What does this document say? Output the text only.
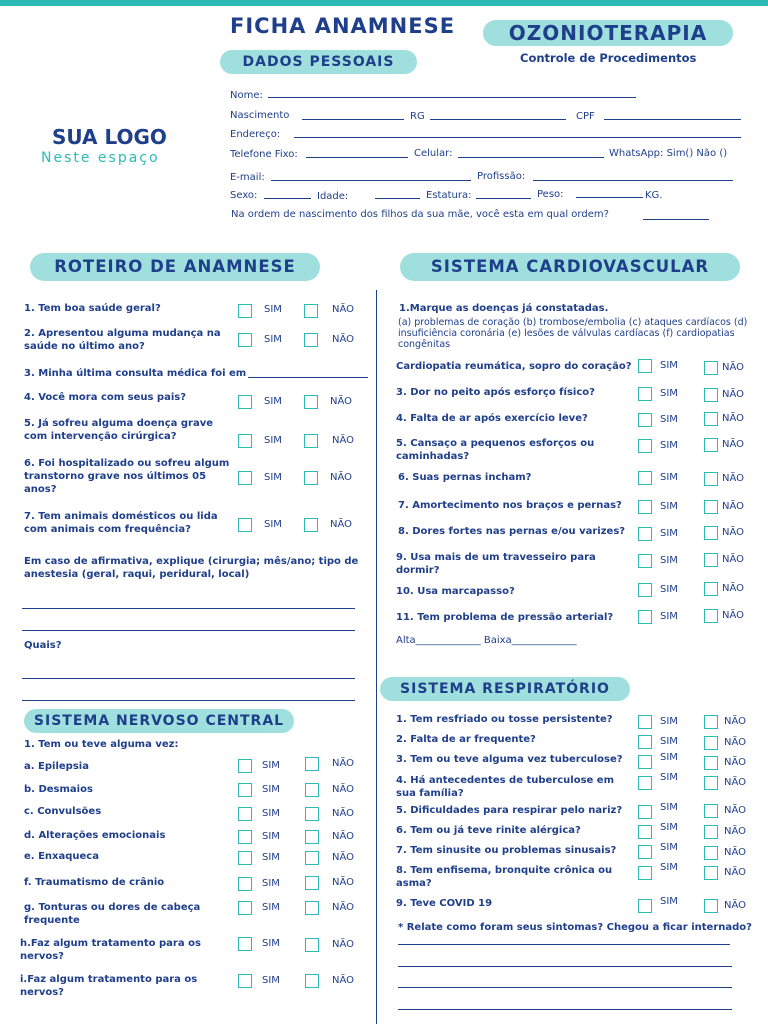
FICHA ANAMNESE	OZONIOTERAPIA
Controle de Procedimentos
DADOS PESSOAIS
SUA LOGO
Neste espaço
Nome:
Nascimento	RG	CPF
Endereço:
Telefone Fixo:	Celular:	WhatsApp: Sim() Não ()
E-mail:	Profissão:
Sexo:	Idade:	Estatura:	Peso:	KG.
Na ordem de nascimento dos filhos da sua mãe, você esta em qual ordem?
ROTEIRO DE ANAMNESE	SISTEMA CARDIOVASCULAR
SISTEMA NERVOSO CENTRAL
SISTEMA RESPIRATÓRIO
1. Tem boa saúde geral?	SIM	NÃO
2. Apresentou alguma mudança na saúde no último ano?
SIM	NÃO
3. Minha última consulta médica foi em
4. Você mora com seus pais?	SIM	NÃO
5. Já sofreu alguma doença grave com intervenção cirúrgica?	SIM	NÃO
6. Foi hospitalizado ou sofreu algum transtorno grave nos últimos 05 anos?
SIM	NÃO
7. Tem animais domésticos ou lida com animais com frequência?	SIM	NÃO
Em caso de afirmativa, explique (cirurgia; mês/ano; tipo de anestesia (geral, raqui, peridural, local)
Quais?
1. Tem ou teve alguma vez:
a. Epilepsia	SIM	NÃO
b. Desmaios	SIM	NÃO
c. Convulsões	SIM	NÃO
d. Alterações emocionais	SIM	NÃO
e. Enxaqueca	SIM	NÃO
f. Traumatismo de crânio	SIM	NÃO
g. Tonturas ou dores de cabeça frequente
SIM	NÃO
h.Faz algum tratamento para os nervos?
SIM	NÃO
i.Faz algum tratamento para os nervos?
SIM	NÃO
1.Marque as doenças já constatadas.
(a) problemas de coração (b) trombose/embolia (c) ataques cardíacos (d) insuficiência coronária (e) lesões de válvulas cardíacas (f) cardiopatias congênitas
Cardiopatia reumática, sopro do coração?	SIM	NÃO
3. Dor no peito após esforço físico?	SIM	NÃO
4. Falta de ar após exercício leve?	SIM	NÃO
5. Cansaço a pequenos esforços ou caminhadas?
SIM	NÃO
6. Suas pernas incham?	SIM	NÃO
7. Amortecimento nos braços e pernas?	SIM	NÃO
8. Dores fortes nas pernas e/ou varizes?	SIM	NÃO
9. Usa mais de um travesseiro para dormir?
SIM	NÃO
10. Usa marcapasso?	SIM	NÃO
11. Tem problema de pressão arterial?	SIM	NÃO
Alta_____________ Baixa_____________
1. Tem resfriado ou tosse persistente?	SIM	NÃO
2. Falta de ar frequente?	SIM	NÃO
3. Tem ou teve alguma vez tuberculose?	SIM	NÃO
4. Há antecedentes de tuberculose em sua família?
SIM	NÃO
5. Dificuldades para respirar pelo nariz?	SIM	NÃO
6. Tem ou já teve rinite alérgica?	SIM	NÃO
7. Tem sinusite ou problemas sinusais?	SIM	NÃO
8. Tem enfisema, bronquite crônica ou asma?
SIM	NÃO
9. Teve COVID 19	SIM	NÃO
* Relate como foram seus sintomas? Chegou a ficar internado?
